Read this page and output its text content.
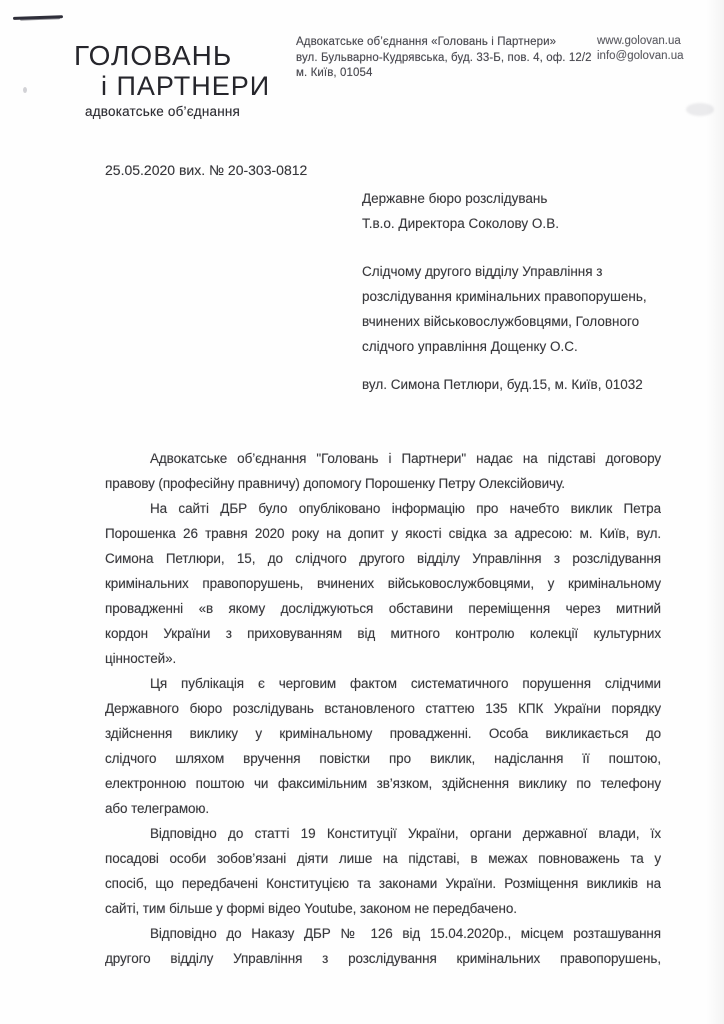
ГОЛОВАНЬ
і ПАРТНЕРИ
адвокатське об’єднання
Адвокатське об’єднання «Головань і Партнери»
вул. Бульварно-Кудрявська, буд. 33-Б, пов. 4, оф. 12/2
м. Київ, 01054
www.golovan.ua
info@golovan.ua
25.05.2020 вих. № 20-303-0812
Державне бюро розслідувань
Т.в.о. Директора Соколову О.В.
Слідчому другого відділу Управління з
розслідування кримінальних правопорушень,
вчинених військовослужбовцями, Головного
слідчого управління Дощенку О.С.
вул. Симона Петлюри, буд.15, м. Київ, 01032
Адвокатське об’єднання "Головань і Партнери" надає на підставі договору
правову (професійну правничу) допомогу Порошенку Петру Олексійовичу.
На сайті ДБР було опубліковано інформацію про начебто виклик Петра
Порошенка 26 травня 2020 року на допит у якості свідка за адресою: м. Київ, вул.
Симона Петлюри, 15, до слідчого другого відділу Управління з розслідування
кримінальних правопорушень, вчинених військовослужбовцями, у кримінальному
провадженні «в якому досліджуються обставини переміщення через митний
кордон України з приховуванням від митного контролю колекції культурних
цінностей».
Ця публікація є черговим фактом систематичного порушення слідчими
Державного бюро розслідувань встановленого статтею 135 КПК України порядку
здійснення виклику у кримінальному провадженні. Особа викликається до
слідчого шляхом вручення повістки про виклик, надіслання її поштою,
електронною поштою чи факсимільним зв’язком, здійснення виклику по телефону
або телеграмою.
Відповідно до статті 19 Конституції України, органи державної влади, їх
посадові особи зобов’язані діяти лише на підставі, в межах повноважень та у
спосіб, що передбачені Конституцією та законами України. Розміщення викликів на
сайті, тим більше у формі відео Youtube, законом не передбачено.
Відповідно до Наказу ДБР № 126 від 15.04.2020р., місцем розташування
другого відділу Управління з розслідування кримінальних правопорушень,
